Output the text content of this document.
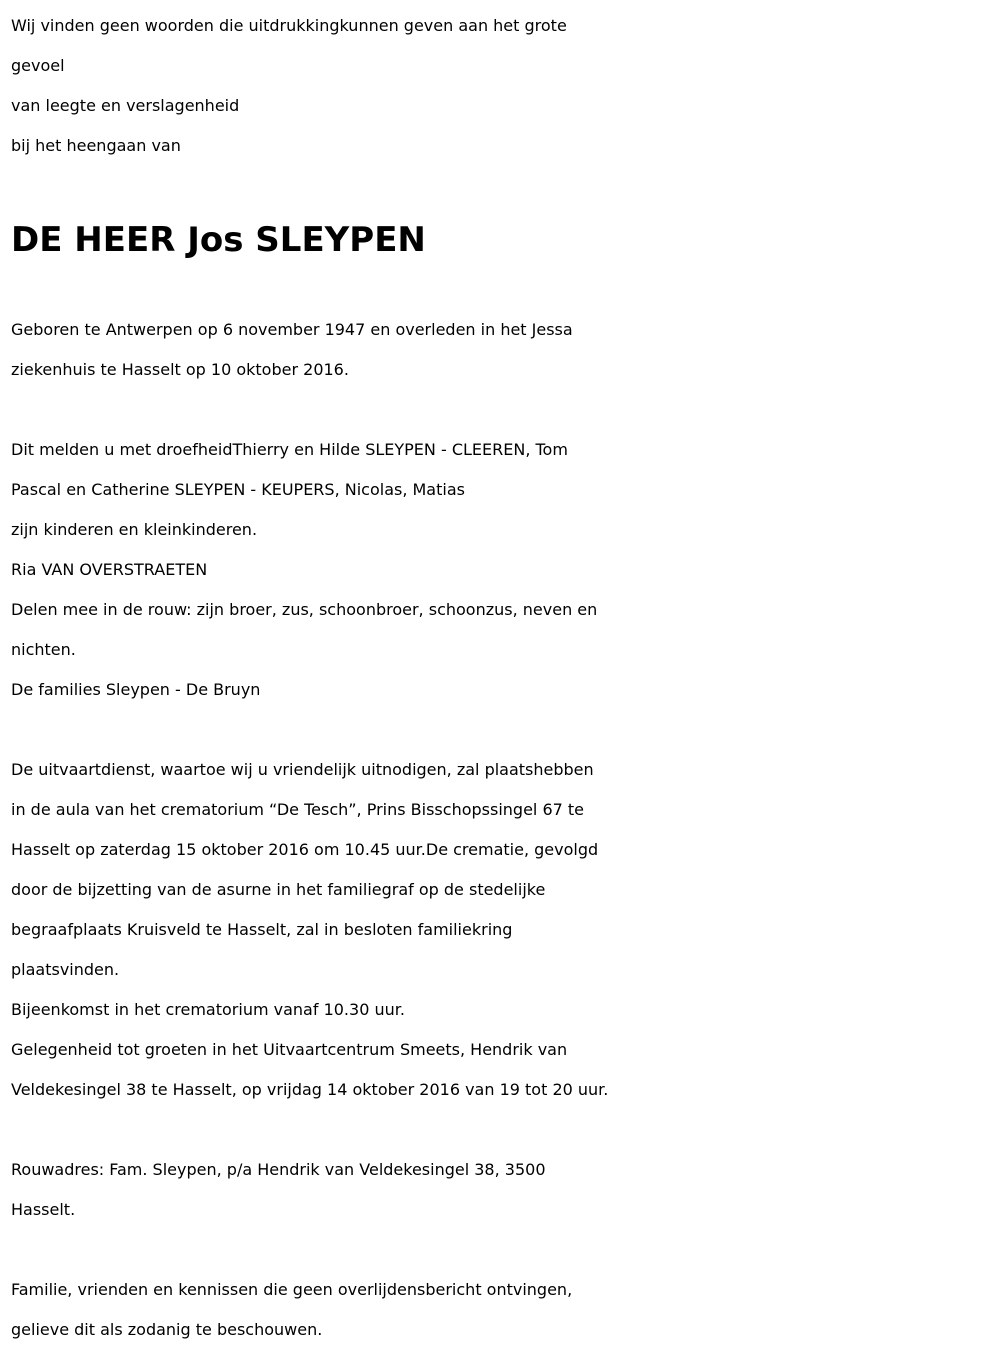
Wij vinden geen woorden die uitdrukkingkunnen geven aan het grote
gevoel
van leegte en verslagenheid
bij het heengaan van
DE HEER Jos SLEYPEN
Geboren te Antwerpen op 6 november 1947 en overleden in het Jessa
ziekenhuis te Hasselt op 10 oktober 2016.
Dit melden u met droefheidThierry en Hilde SLEYPEN - CLEEREN, Tom
Pascal en Catherine SLEYPEN - KEUPERS, Nicolas, Matias
zijn kinderen en kleinkinderen.
Ria VAN OVERSTRAETEN
Delen mee in de rouw: zijn broer, zus, schoonbroer, schoonzus, neven en
nichten.
De families Sleypen - De Bruyn
De uitvaartdienst, waartoe wij u vriendelijk uitnodigen, zal plaatshebben
in de aula van het crematorium “De Tesch”, Prins Bisschopssingel 67 te
Hasselt op zaterdag 15 oktober 2016 om 10.45 uur.De crematie, gevolgd
door de bijzetting van de asurne in het familiegraf op de stedelijke
begraafplaats Kruisveld te Hasselt, zal in besloten familiekring
plaatsvinden.
Bijeenkomst in het crematorium vanaf 10.30 uur.
Gelegenheid tot groeten in het Uitvaartcentrum Smeets, Hendrik van
Veldekesingel 38 te Hasselt, op vrijdag 14 oktober 2016 van 19 tot 20 uur.
Rouwadres: Fam. Sleypen, p/a Hendrik van Veldekesingel 38, 3500
Hasselt.
Familie, vrienden en kennissen die geen overlijdensbericht ontvingen,
gelieve dit als zodanig te beschouwen.
